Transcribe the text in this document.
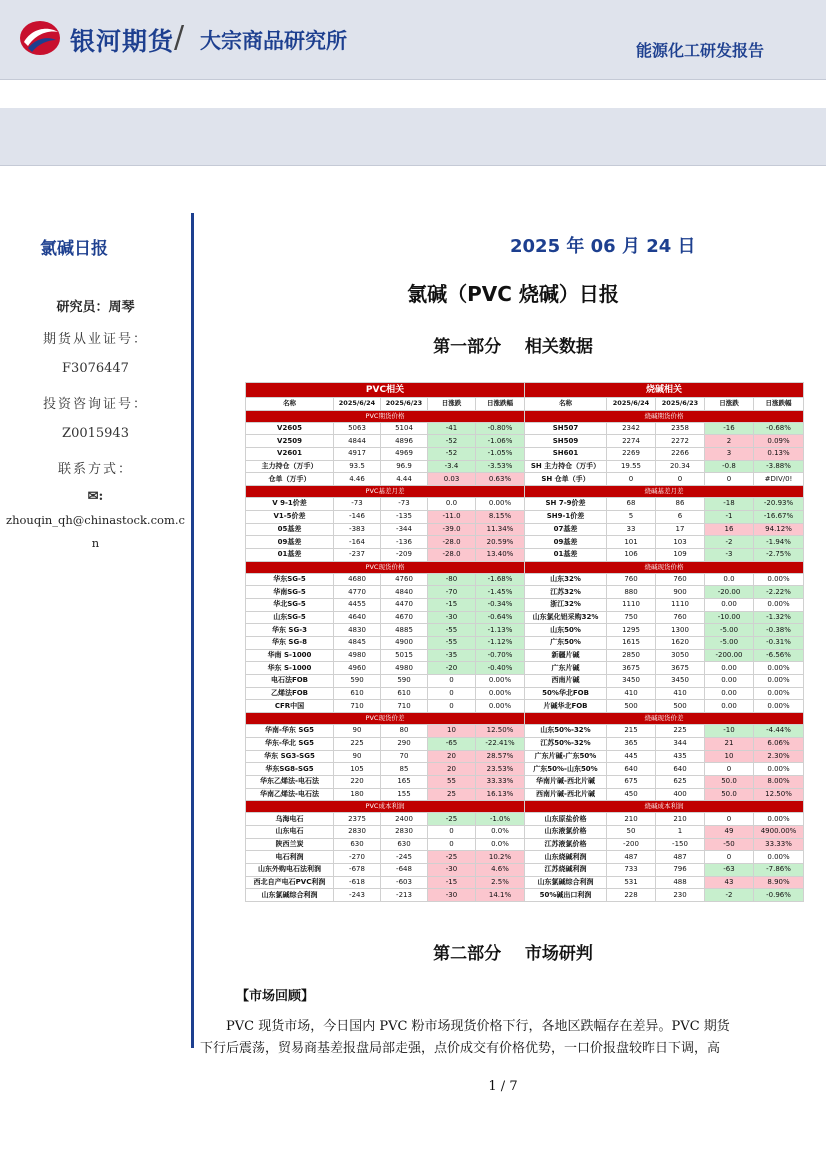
银河期货 / 大宗商品研究所	能源化工研发报告
氯碱日报	2025 年 06 月 24 日
研究员：周琴
期货从业证号：
F3076447
投资咨询证号：
Z0015943
联系方式：
✉:
zhouqin_qh@chinastock.com.c
n
氯碱（PVC 烧碱）日报
第一部分    相关数据
PVC相关				
名称	2025/6/24	2025/6/23	日涨跌	日涨跌幅
PVC期货价格				
V2605	5063	5104	-41	-0.80%
V2509	4844	4896	-52	-1.06%
V2601	4917	4969	-52	-1.05%
主力持仓（万手）	93.5	96.9	-3.4	-3.53%
仓单（万手）	4.46	4.44	0.03	0.63%
PVC基差月差				
V 9-1价差	-73	-73	0.0	0.00%
V1-5价差	-146	-135	-11.0	8.15%
05基差	-383	-344	-39.0	11.34%
09基差	-164	-136	-28.0	20.59%
01基差	-237	-209	-28.0	13.40%
PVC现货价格				
华东SG-5	4680	4760	-80	-1.68%
华南SG-5	4770	4840	-70	-1.45%
华北SG-5	4455	4470	-15	-0.34%
山东SG-5	4640	4670	-30	-0.64%
华东 SG-3	4830	4885	-55	-1.13%
华东 SG-8	4845	4900	-55	-1.12%
华南 S-1000	4980	5015	-35	-0.70%
华东 S-1000	4960	4980	-20	-0.40%
电石法FOB	590	590	0	0.00%
乙烯法FOB	610	610	0	0.00%
CFR中国	710	710	0	0.00%
PVC现货价差				
华南-华东 SG5	90	80	10	12.50%
华东-华北 SG5	225	290	-65	-22.41%
华东 SG3-SG5	90	70	20	28.57%
华东SG8-SG5	105	85	20	23.53%
华东乙烯法-电石法	220	165	55	33.33%
华南乙烯法-电石法	180	155	25	16.13%
PVC成本利润				
乌海电石	2375	2400	-25	-1.0%
山东电石	2830	2830	0	0.0%
陕西兰炭	630	630	0	0.0%
电石利润	-270	-245	-25	10.2%
山东外购电石法利润	-678	-648	-30	4.6%
西北自产电石PVC利润	-618	-603	-15	2.5%
山东氯碱综合利润	-243	-213	-30	14.1%
烧碱相关				
名称	2025/6/24	2025/6/23	日涨跌	日涨跌幅
烧碱期货价格				
SH507	2342	2358	-16	-0.68%
SH509	2274	2272	2	0.09%
SH601	2269	2266	3	0.13%
SH 主力持仓（万手）	19.55	20.34	-0.8	-3.88%
SH 仓单（手）	0	0	0	#DIV/0!
烧碱基差月差				
SH 7-9价差	68	86	-18	-20.93%
SH9-1价差	5	6	-1	-16.67%
07基差	33	17	16	94.12%
09基差	101	103	-2	-1.94%
01基差	106	109	-3	-2.75%
烧碱现货价格				
山东32%	760	760	0.0	0.00%
江苏32%	880	900	-20.00	-2.22%
浙江32%	1110	1110	0.00	0.00%
山东氯化铝采购32%	750	760	-10.00	-1.32%
山东50%	1295	1300	-5.00	-0.38%
广东50%	1615	1620	-5.00	-0.31%
新疆片碱	2850	3050	-200.00	-6.56%
广东片碱	3675	3675	0.00	0.00%
西南片碱	3450	3450	0.00	0.00%
50%华北FOB	410	410	0.00	0.00%
片碱华北FOB	500	500	0.00	0.00%
烧碱现货价差				
山东50%-32%	215	225	-10	-4.44%
江苏50%-32%	365	344	21	6.06%
广东片碱-广东50%	445	435	10	2.30%
广东50%-山东50%	640	640	0	0.00%
华南片碱-西北片碱	675	625	50.0	8.00%
西南片碱-西北片碱	450	400	50.0	12.50%
烧碱成本利润				
山东原盐价格	210	210	0	0.00%
山东液氯价格	50	1	49	4900.00%
江苏液氯价格	-200	-150	-50	33.33%
山东烧碱利润	487	487	0	0.00%
江苏烧碱利润	733	796	-63	-7.86%
山东氯碱综合利润	531	488	43	8.90%
50%碱出口利润	228	230	-2	-0.96%
第二部分    市场研判
【市场回顾】
PVC 现货市场，今日国内 PVC 粉市场现货价格下行，各地区跌幅存在差异。PVC 期货
下行后震荡，贸易商基差报盘局部走强，点价成交有价格优势，一口价报盘较昨日下调，高
1 / 7
